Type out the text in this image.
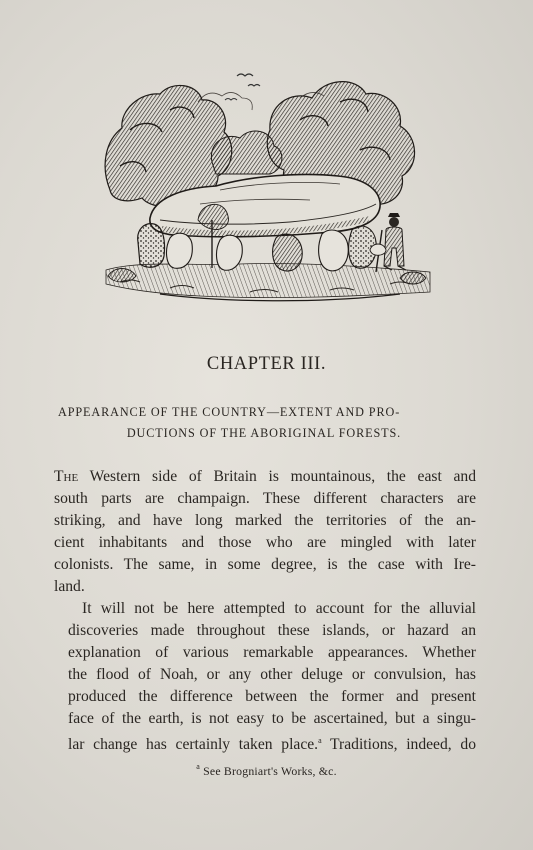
CHAPTER III.
APPEARANCE OF THE COUNTRY—EXTENT AND PRO-
DUCTIONS OF THE ABORIGINAL FORESTS.

The Western side of Britain is mountainous, the east and
south parts are champaign. These different characters are
striking, and have long marked the territories of the an-
cient inhabitants and those who are mingled with later
colonists. The same, in some degree, is the case with Ire-
land.

It will not be here attempted to account for the alluvial
discoveries made throughout these islands, or hazard an
explanation of various remarkable appearances. Whether
the flood of Noah, or any other deluge or convulsion, has
produced the difference between the former and present
face of the earth, is not easy to be ascertained, but a singu-
lar change has certainly taken place.$^a$ Traditions, indeed, do

$^a$ See Brogniart's Works, &c.
